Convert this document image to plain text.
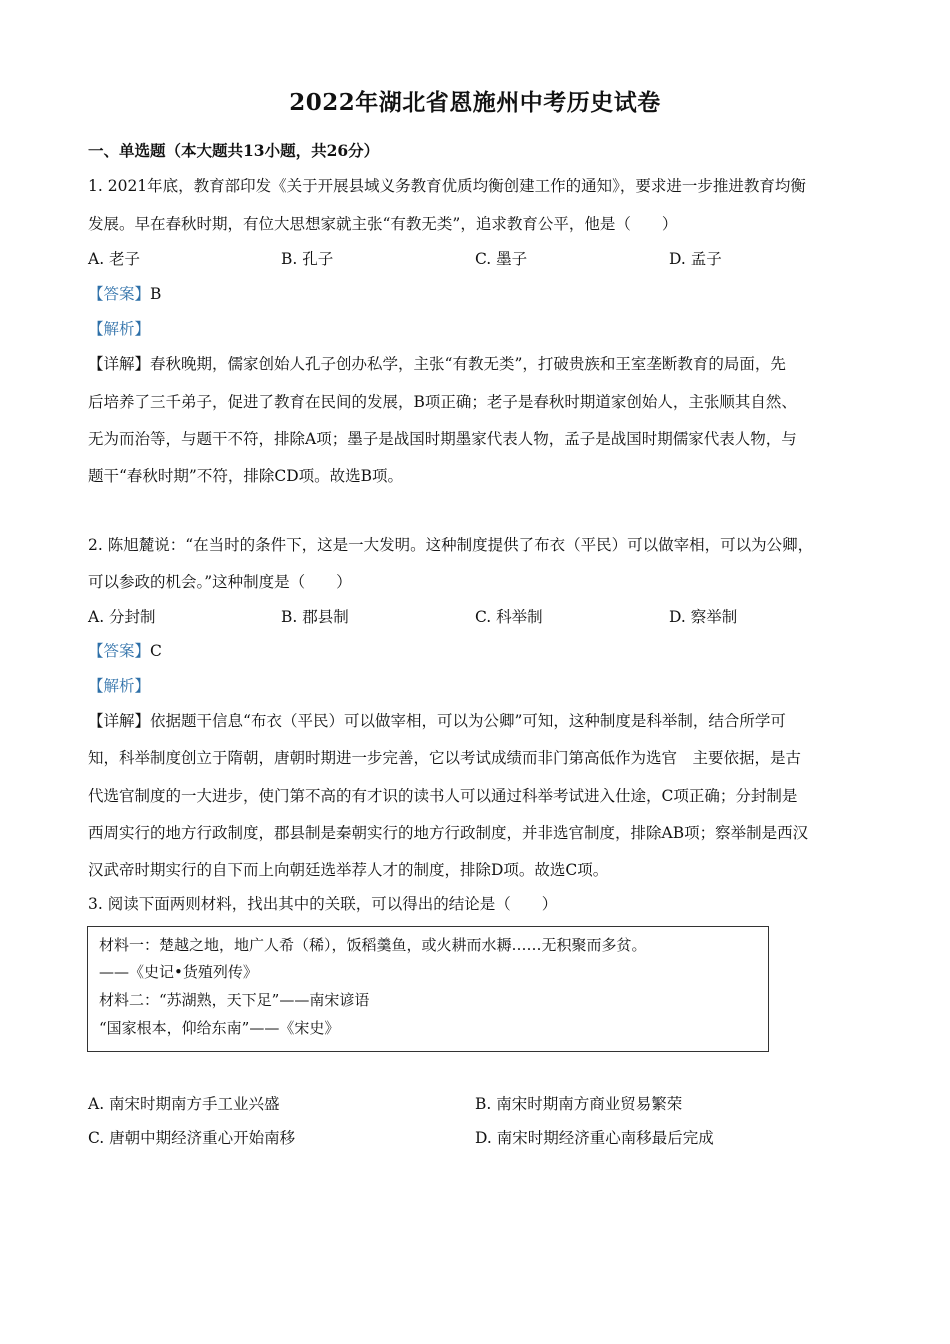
2022年湖北省恩施州中考历史试卷
一、单选题（本大题共13小题，共26分）
1. 2021年底，教育部印发《关于开展县域义务教育优质均衡创建工作的通知》，要求进一步推进教育均衡
发展。早在春秋时期，有位大思想家就主张“有教无类”，追求教育公平，他是（　　）
A. 老子	B. 孔子	C. 墨子	D. 孟子
【答案】B
【解析】
【详解】春秋晚期，儒家创始人孔子创办私学，主张“有教无类”，打破贵族和王室垄断教育的局面，先
后培养了三千弟子，促进了教育在民间的发展，B项正确；老子是春秋时期道家创始人，主张顺其自然、
无为而治等，与题干不符，排除A项；墨子是战国时期墨家代表人物，孟子是战国时期儒家代表人物，与
题干“春秋时期”不符，排除CD项。故选B项。
2. 陈旭麓说：“在当时的条件下，这是一大发明。这种制度提供了布衣（平民）可以做宰相，可以为公卿，
可以参政的机会。”这种制度是（　　）
A. 分封制	B. 郡县制	C. 科举制	D. 察举制
【答案】C
【解析】
【详解】依据题干信息“布衣（平民）可以做宰相，可以为公卿”可知，这种制度是科举制，结合所学可
知，科举制度创立于隋朝，唐朝时期进一步完善，它以考试成绩而非门第高低作为选官　主要依据，是古
代选官制度的一大进步，使门第不高的有才识的读书人可以通过科举考试进入仕途，C项正确；分封制是
西周实行的地方行政制度，郡县制是秦朝实行的地方行政制度，并非选官制度，排除AB项；察举制是西汉
汉武帝时期实行的自下而上向朝廷选举荐人才的制度，排除D项。故选C项。
3. 阅读下面两则材料，找出其中的关联，可以得出的结论是（　　）
材料一：楚越之地，地广人希（稀），饭稻羹鱼，或火耕而水耨……无积聚而多贫。
——《史记•货殖列传》
材料二：“苏湖熟，天下足”——南宋谚语
“国家根本，仰给东南”——《宋史》
A. 南宋时期南方手工业兴盛	B. 南宋时期南方商业贸易繁荣
C. 唐朝中期经济重心开始南移	D. 南宋时期经济重心南移最后完成
